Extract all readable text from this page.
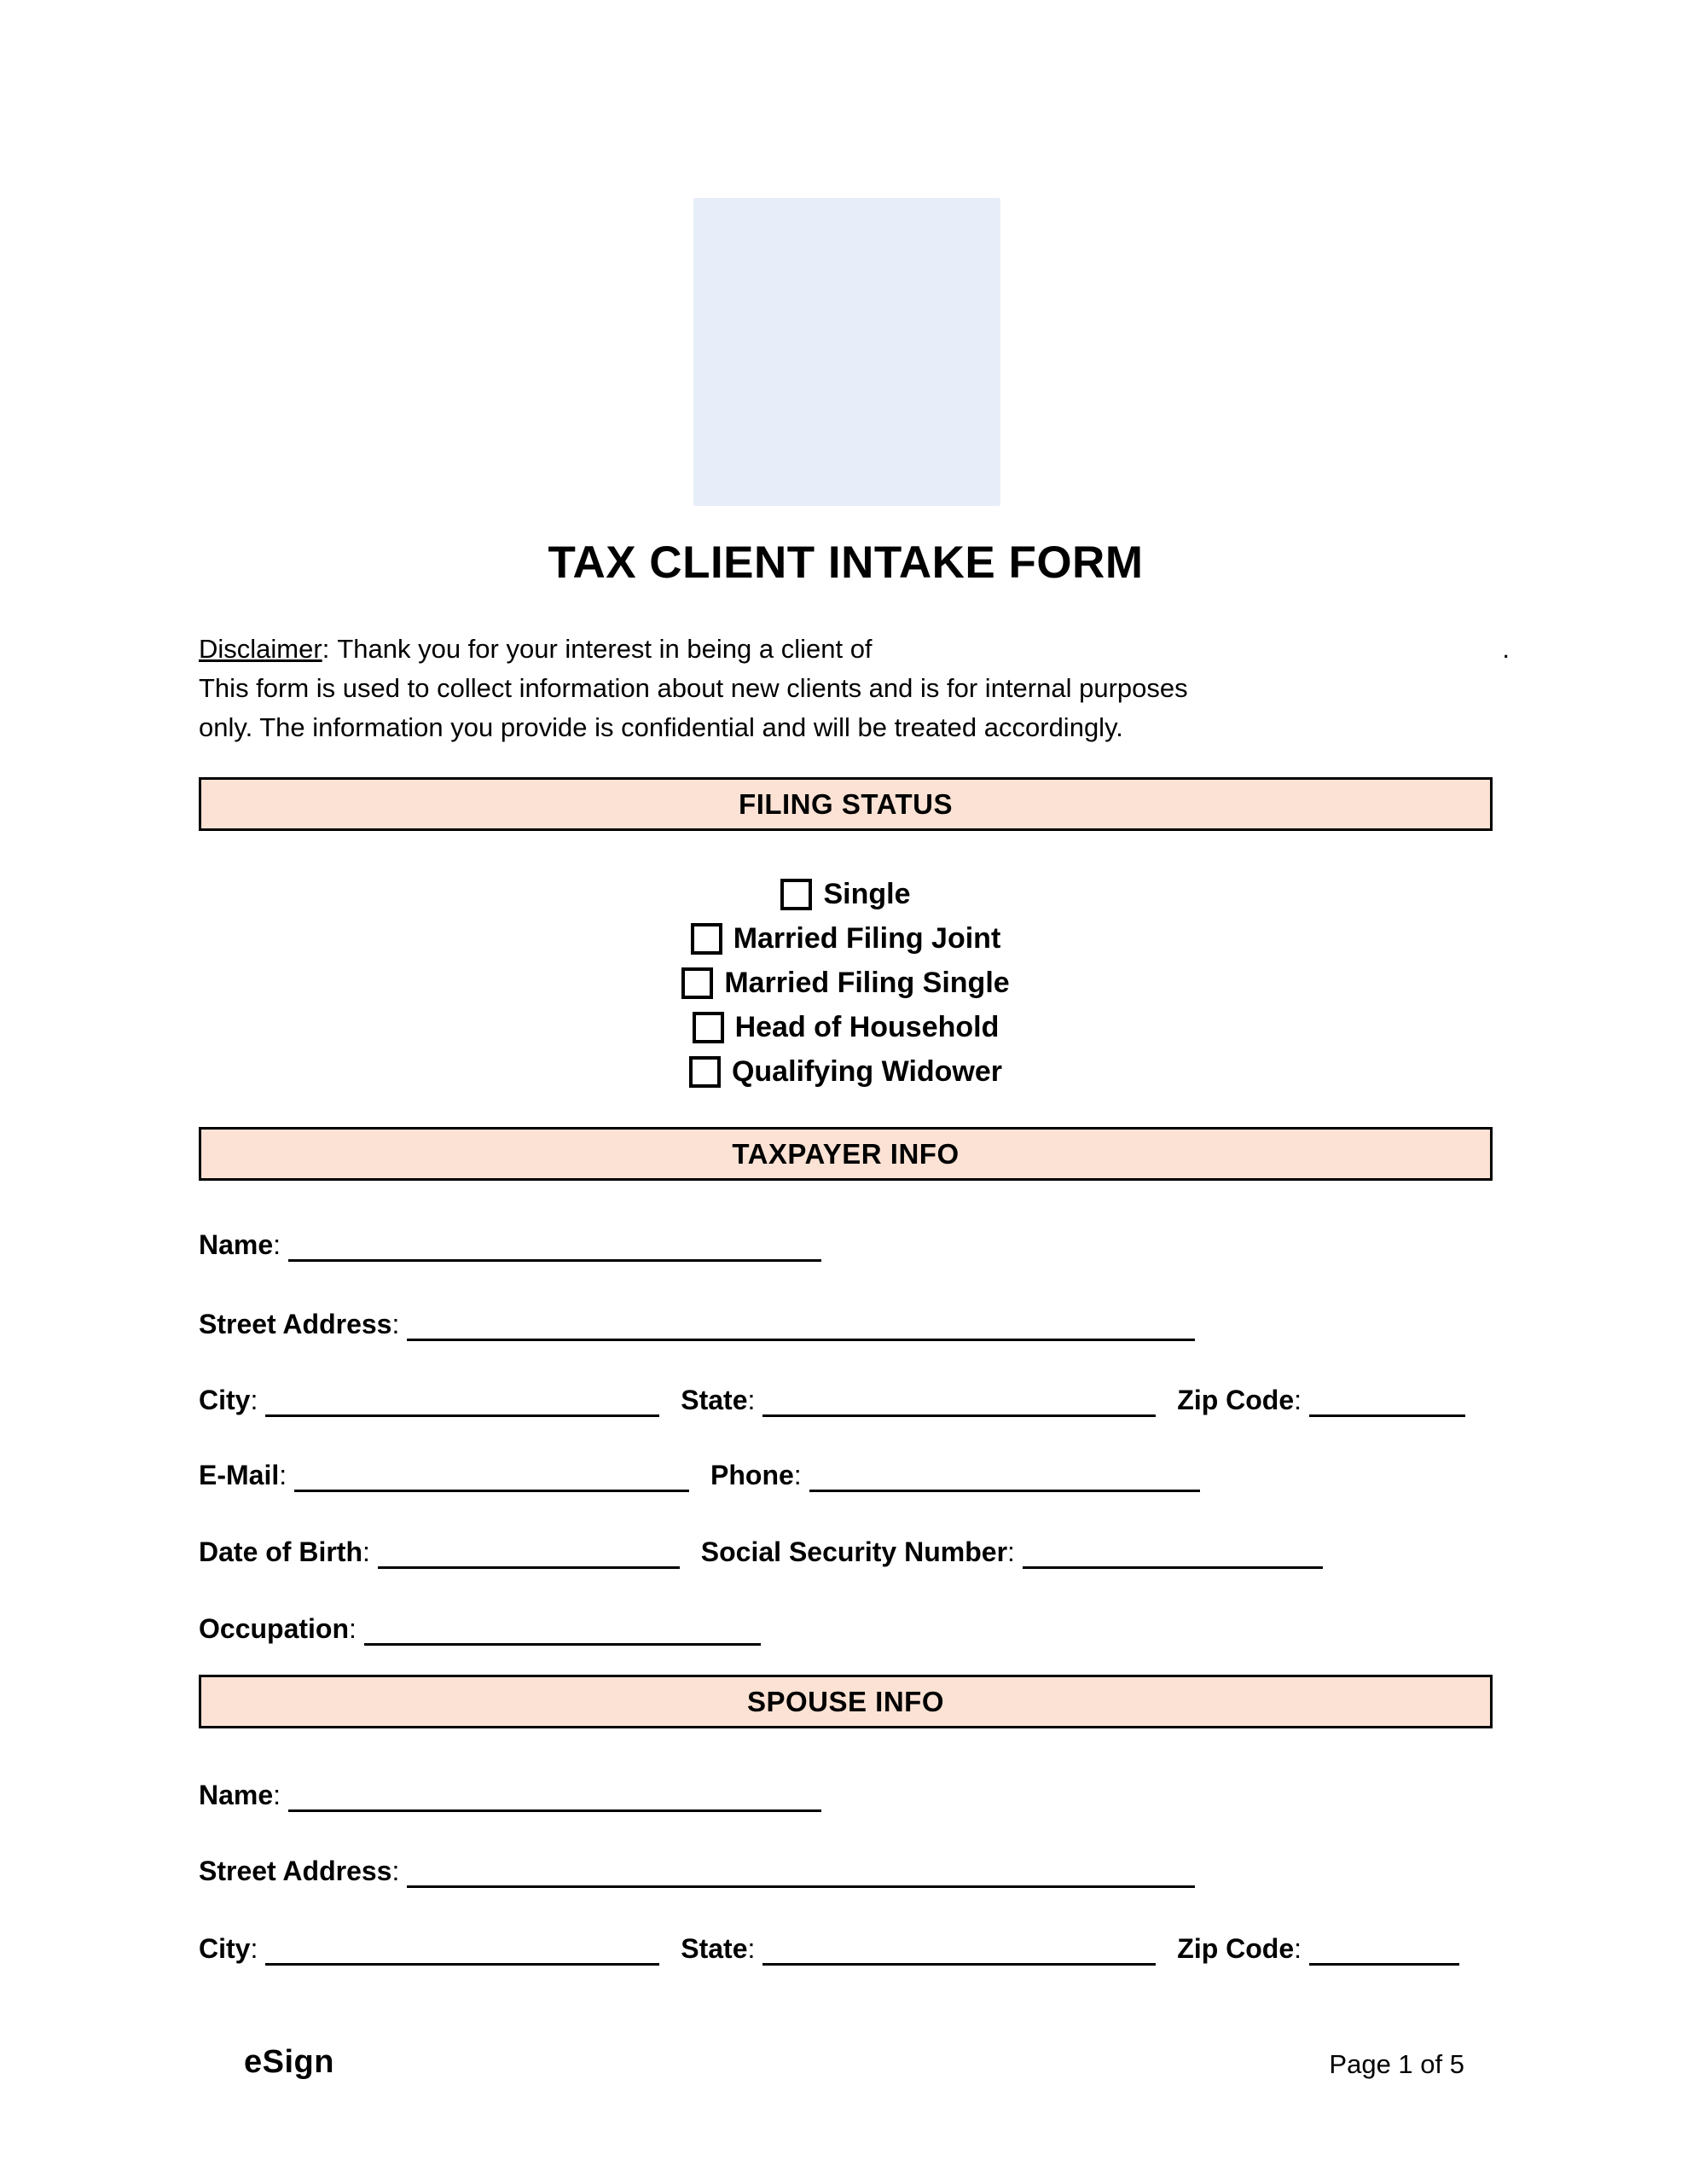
TAX CLIENT INTAKE FORM
Disclaimer: Thank you for your interest in being a client of	.
This form is used to collect information about new clients and is for internal purposes
only. The information you provide is confidential and will be treated accordingly.
FILING STATUS
Single
Married Filing Joint
Married Filing Single
Head of Household
Qualifying Widower
TAXPAYER INFO
Name:
Street Address:
City:	State:	Zip Code:
E-Mail:	Phone:
Date of Birth:	Social Security Number:
Occupation:
SPOUSE INFO
Name:
Street Address:
City:	State:	Zip Code:
eSign	Page 1 of 5
